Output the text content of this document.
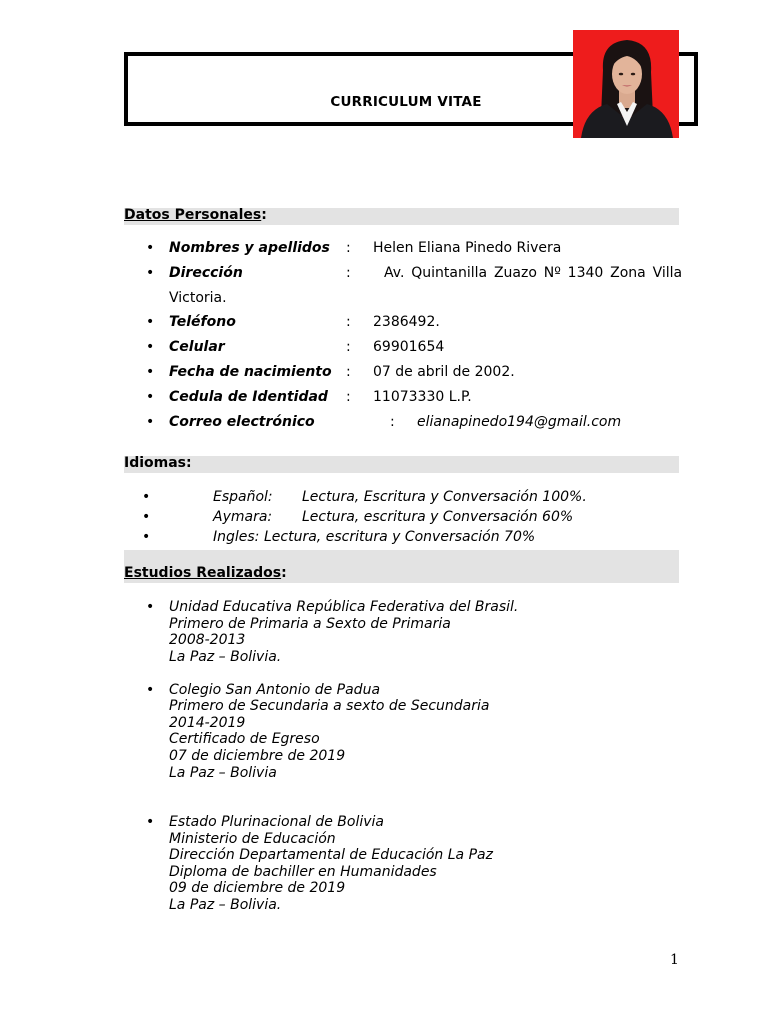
CURRICULUM VITAE
Datos Personales:
• Nombres y apellidos : Helen Eliana Pinedo Rivera
• Dirección	: Av. Quintanilla Zuazo Nº 1340 Zona Villa
Victoria.
• Teléfono	: 2386492.
• Celular	: 69901654
• Fecha de nacimiento : 07 de abril de 2002.
• Cedula de Identidad : 11073330 L.P.
• Correo electrónico	: elianapinedo194@gmail.com
Idiomas:
•	Español: Lectura, Escritura y Conversación 100%.
•	Aymara: Lectura, escritura y Conversación 60%
•	Ingles: Lectura, escritura y Conversación 70%
Estudios Realizados:
• Unidad Educativa República Federativa del Brasil.
Primero de Primaria a Sexto de Primaria
2008-2013
La Paz – Bolivia.
• Colegio San Antonio de Padua
Primero de Secundaria a sexto de Secundaria
2014-2019
Certificado de Egreso
07 de diciembre de 2019
La Paz – Bolivia
• Estado Plurinacional de Bolivia
Ministerio de Educación
Dirección Departamental de Educación La Paz
Diploma de bachiller en Humanidades
09 de diciembre de 2019
La Paz – Bolivia.
1
